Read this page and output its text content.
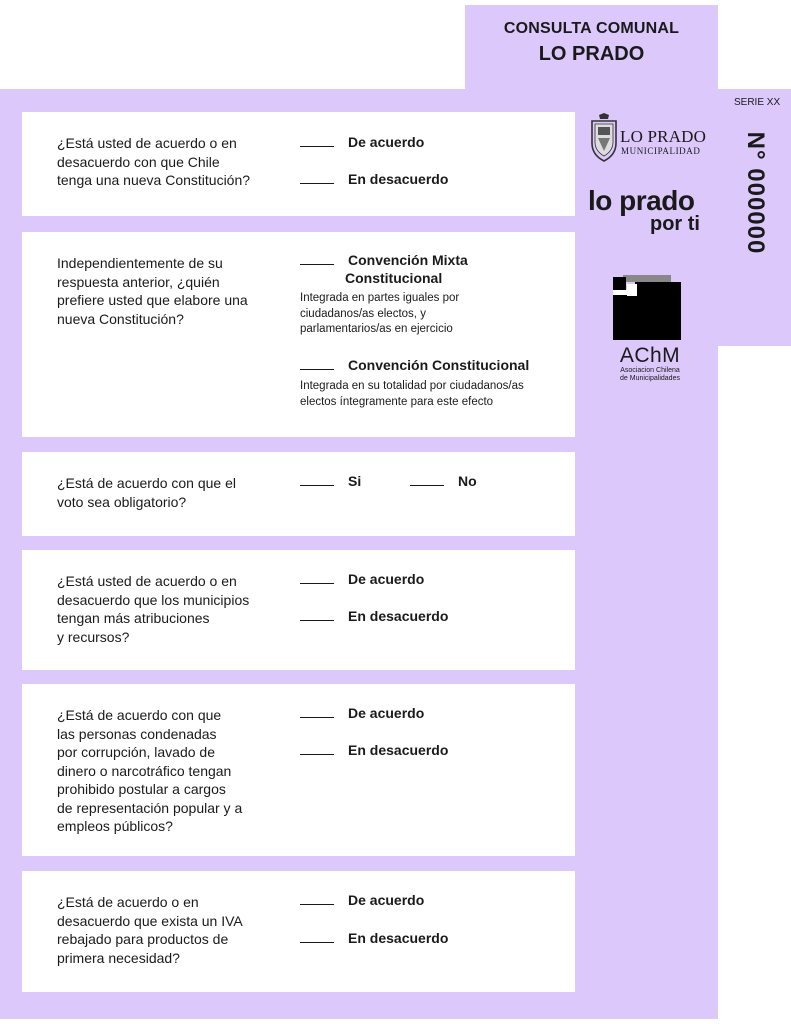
CONSULTA COMUNAL
LO PRADO
SERIE XX
N° 000000
LO PRADO
MUNICIPALIDAD
lo prado
por ti
AChM
Asociacion Chilena
de Municipalidades
¿Está usted de acuerdo o en
desacuerdo con que Chile
tenga una nueva Constitución?
De acuerdo
En desacuerdo
Independientemente de su
respuesta anterior, ¿quién
prefiere usted que elabore una
nueva Constitución?
Convención Mixta
Constitucional
Integrada en partes iguales por
ciudadanos/as electos, y
parlamentarios/as en ejercicio
Convención Constitucional
Integrada en su totalidad por ciudadanos/as
electos íntegramente para este efecto
¿Está de acuerdo con que el
voto sea obligatorio?
Si	No
¿Está usted de acuerdo o en
desacuerdo que los municipios
tengan más atribuciones
y recursos?
De acuerdo
En desacuerdo
¿Está de acuerdo con que
las personas condenadas
por corrupción, lavado de
dinero o narcotráfico tengan
prohibido postular a cargos
de representación popular y a
empleos públicos?
De acuerdo
En desacuerdo
¿Está de acuerdo o en
desacuerdo que exista un IVA
rebajado para productos de
primera necesidad?
De acuerdo
En desacuerdo
